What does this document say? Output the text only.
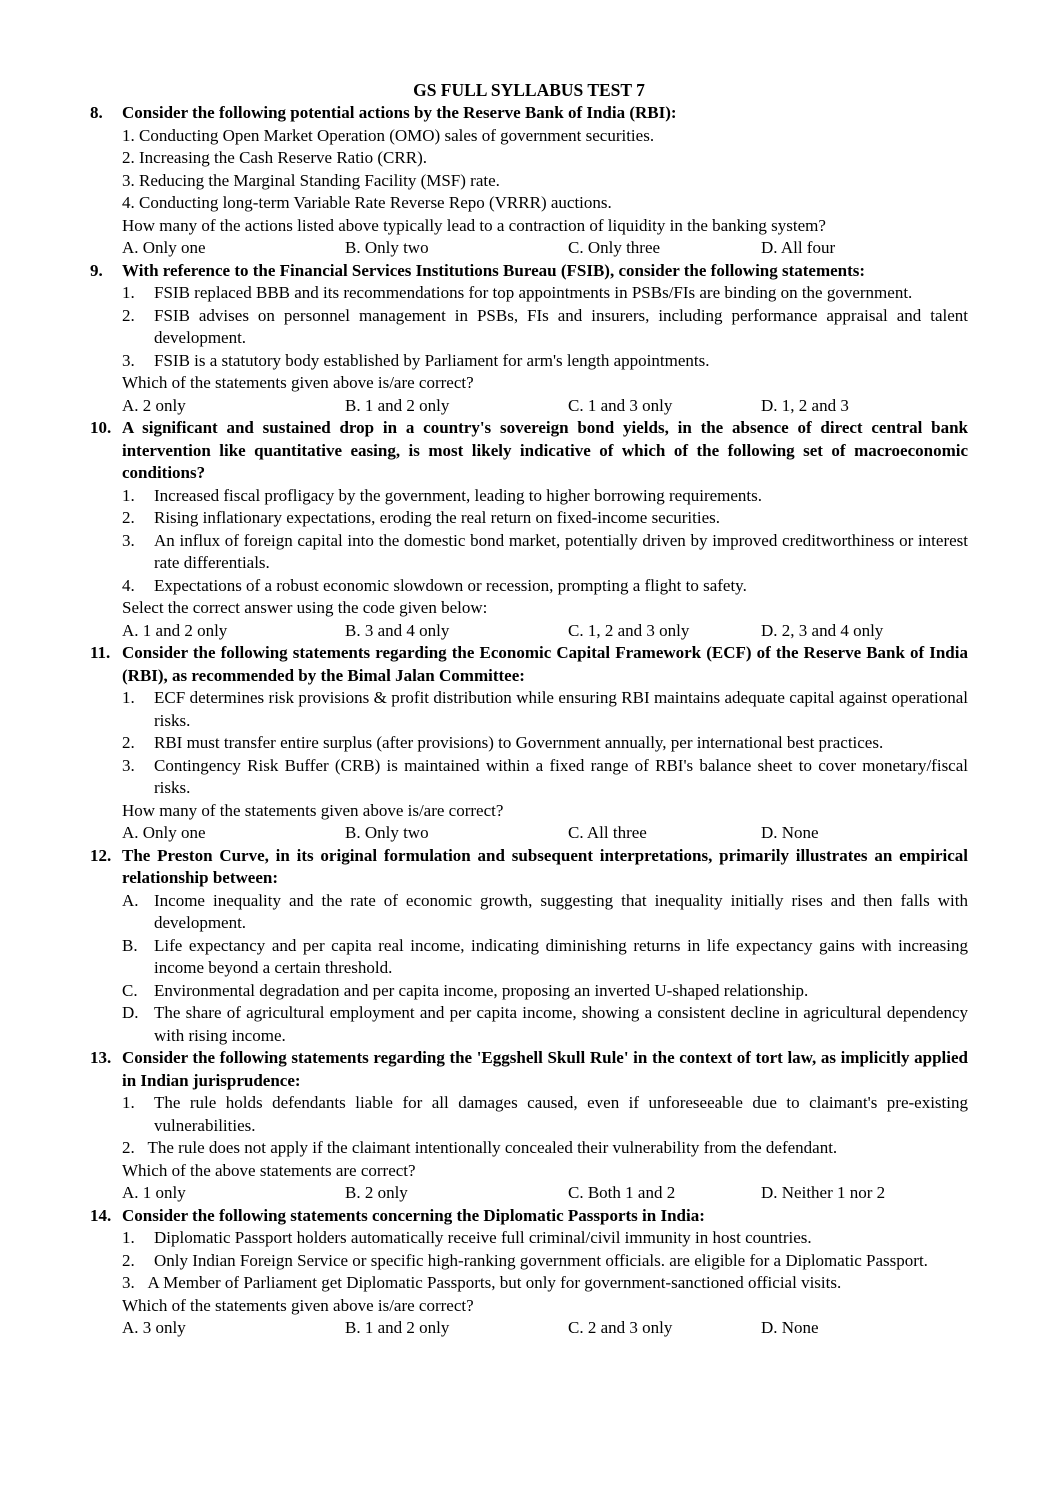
GS FULL SYLLABUS TEST 7
8.	Consider the following potential actions by the Reserve Bank of India (RBI):
1.
Conducting Open Market Operation (OMO) sales of government securities.
2.
Increasing the Cash Reserve Ratio (CRR).
3.
Reducing the Marginal Standing Facility (MSF) rate.
4.
Conducting long-term Variable Rate Reverse Repo (VRRR) auctions.
How many of the actions listed above typically lead to a contraction of liquidity in the banking system?
A. Only one	B. Only two	C. Only three	D. All four
9.	With reference to the Financial Services Institutions Bureau (FSIB), consider the following statements:
1.	FSIB replaced BBB and its recommendations for top appointments in PSBs/FIs are binding on the government.
2.	FSIB advises on personnel management in PSBs, FIs and insurers, including performance appraisal and talent development.
3.	FSIB is a statutory body established by Parliament for arm's length appointments.
Which of the statements given above is/are correct?
A. 2 only	B. 1 and 2 only	C. 1 and 3 only	D. 1, 2 and 3
10. A significant and sustained drop in a country's sovereign bond yields, in the absence of direct central bank intervention like quantitative easing, is most likely indicative of which of the following set of macroeconomic conditions?
1.	Increased fiscal profligacy by the government, leading to higher borrowing requirements.
2.	Rising inflationary expectations, eroding the real return on fixed-income securities.
3.	An influx of foreign capital into the domestic bond market, potentially driven by improved creditworthiness or interest rate differentials.
4.	Expectations of a robust economic slowdown or recession, prompting a flight to safety.
Select the correct answer using the code given below:
A. 1 and 2 only	B. 3 and 4 only	C. 1, 2 and 3 only	D. 2, 3 and 4 only
11. Consider the following statements regarding the Economic Capital Framework (ECF) of the Reserve Bank of India (RBI), as recommended by the Bimal Jalan Committee:
1.	ECF determines risk provisions & profit distribution while ensuring RBI maintains adequate capital against operational risks.
2.	RBI must transfer entire surplus (after provisions) to Government annually, per international best practices.
3.	Contingency Risk Buffer (CRB) is maintained within a fixed range of RBI's balance sheet to cover monetary/fiscal risks.
How many of the statements given above is/are correct?
A. Only one	B. Only two	C. All three	D. None
12. The Preston Curve, in its original formulation and subsequent interpretations, primarily illustrates an empirical relationship between:
A. Income inequality and the rate of economic growth, suggesting that inequality initially rises and then falls with development.
B. Life expectancy and per capita real income, indicating diminishing returns in life expectancy gains with increasing income beyond a certain threshold.
C. Environmental degradation and per capita income, proposing an inverted U-shaped relationship.
D. The share of agricultural employment and per capita income, showing a consistent decline in agricultural dependency with rising income.
13. Consider the following statements regarding the 'Eggshell Skull Rule' in the context of tort law, as implicitly applied in Indian jurisprudence:
1.	The rule holds defendants liable for all damages caused, even if unforeseeable due to claimant's pre-existing vulnerabilities.
2.
The rule does not apply if the claimant intentionally concealed their vulnerability from the defendant.
Which of the above statements are correct?
A. 1 only	B. 2 only	C. Both 1 and 2	D. Neither 1 nor 2
14. Consider the following statements concerning the Diplomatic Passports in India:
1.	Diplomatic Passport holders automatically receive full criminal/civil immunity in host countries.
2.	Only Indian Foreign Service or specific high-ranking government officials. are eligible for a Diplomatic Passport.
3.
A Member of Parliament get Diplomatic Passports, but only for government-sanctioned official visits.
Which of the statements given above is/are correct?
A. 3 only	B. 1 and 2 only	C. 2 and 3 only	D. None
